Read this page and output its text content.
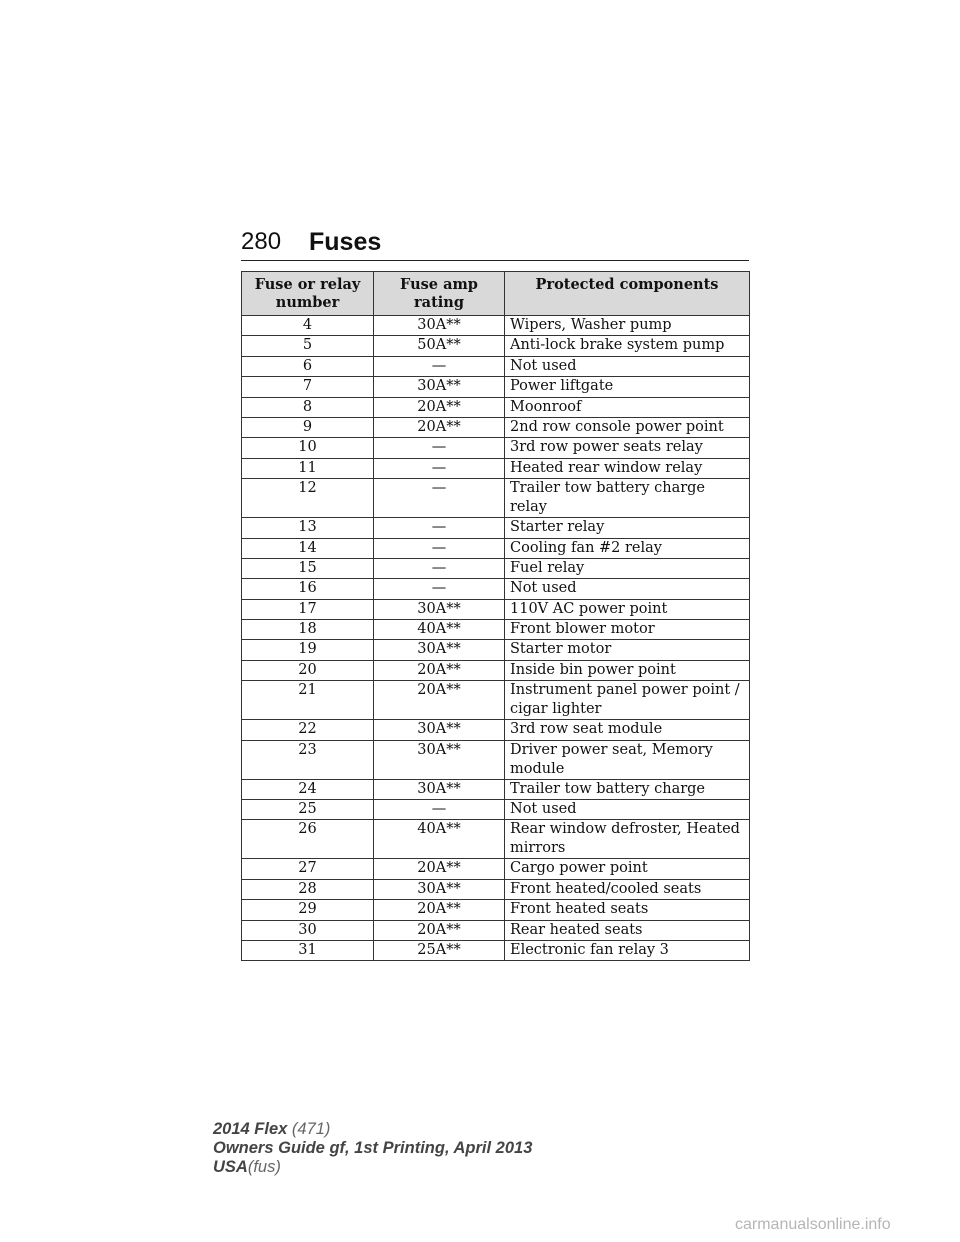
280 Fuses
Fuse or relay number	Fuse amp rating	Protected components
4	30A**	Wipers, Washer pump
5	50A**	Anti-lock brake system pump
6	—	Not used
7	30A**	Power liftgate
8	20A**	Moonroof
9	20A**	2nd row console power point
10	—	3rd row power seats relay
11	—	Heated rear window relay
12	—	Trailer tow battery charge relay
13	—	Starter relay
14	—	Cooling fan #2 relay
15	—	Fuel relay
16	—	Not used
17	30A**	110V AC power point
18	40A**	Front blower motor
19	30A**	Starter motor
20	20A**	Inside bin power point
21	20A**	Instrument panel power point / cigar lighter
22	30A**	3rd row seat module
23	30A**	Driver power seat, Memory module
24	30A**	Trailer tow battery charge
25	—	Not used
26	40A**	Rear window defroster, Heated mirrors
27	20A**	Cargo power point
28	30A**	Front heated/cooled seats
29	20A**	Front heated seats
30	20A**	Rear heated seats
31	25A**	Electronic fan relay 3
2014 Flex (471)
Owners Guide gf, 1st Printing, April 2013
USA(fus)
carmanualsonline.info
